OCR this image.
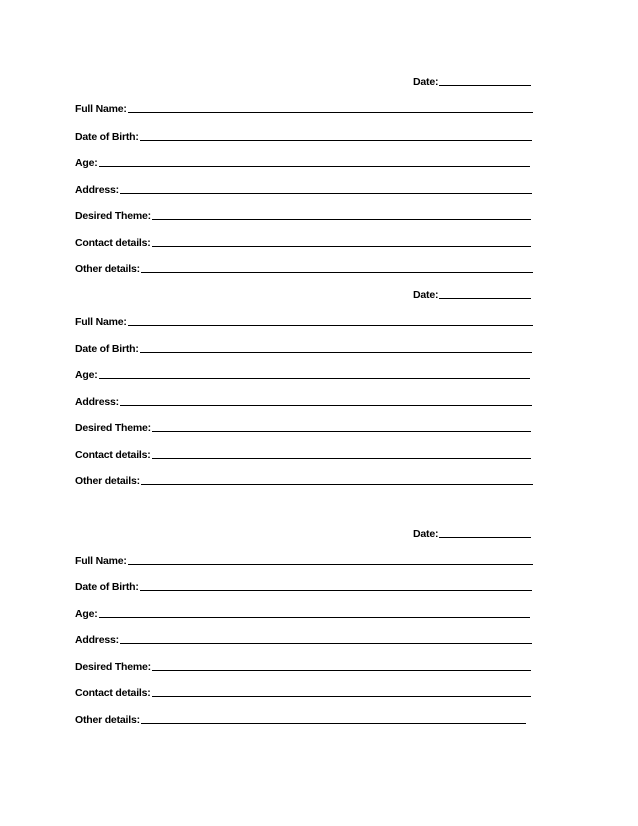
Date:
Full Name:
Date of Birth:
Age:
Address:
Desired Theme:
Contact details:
Other details:
Date:
Full Name:
Date of Birth:
Age:
Address:
Desired Theme:
Contact details:
Other details:
Date:
Full Name:
Date of Birth:
Age:
Address:
Desired Theme:
Contact details:
Other details:
